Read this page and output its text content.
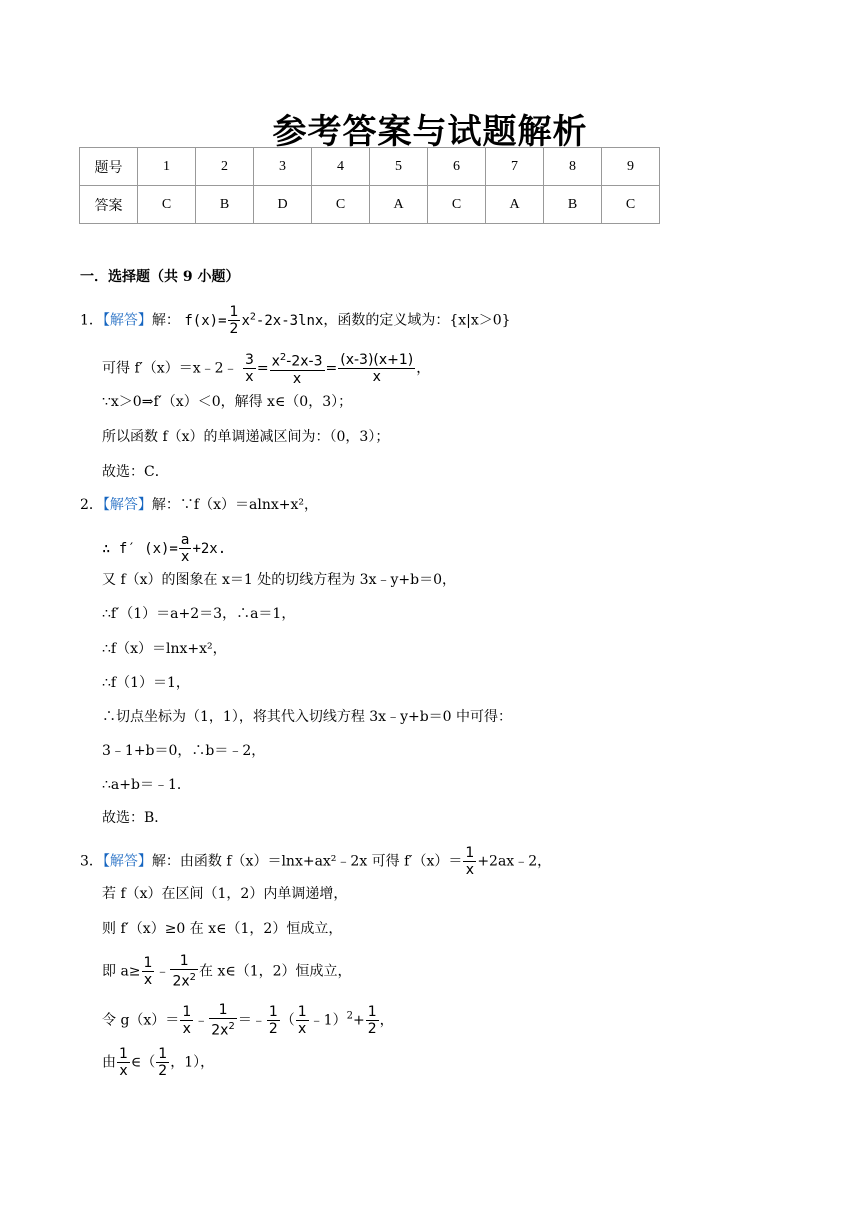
参考答案与试题解析
题号	1	2	3	4	5	6	7	8	9
答案	C	B	D	C	A	C	A	B	C
一．选择题（共 9 小题）
1．【解答】解： $f(x)= \frac{1}{2} x^2-2x-3\ln x$，函数的定义域为：{x|x＞0}
可得 f′（x）＝x﹣2﹣ $\frac{3}{x} = \frac{x^2-2x-3}{x} = \frac{(x-3)(x+1)}{x}$ ，
∵x＞0⇒f′（x）＜0，解得 x∈（0，3）；
所以函数 f（x）的单调递减区间为：（0，3）；
故选：C．
2．【解答】解：∵f（x）＝alnx+x²，
∴ f′ $(x)= \frac{a}{x} +2x$.
又 f（x）的图象在 x＝1 处的切线方程为 3x﹣y+b＝0，
∴f′（1）＝a+2＝3，∴a＝1，
∴f（x）＝lnx+x²，
∴f（1）＝1，
∴切点坐标为（1，1），将其代入切线方程 3x﹣y+b＝0 中可得：
3﹣1+b＝0，∴b＝﹣2，
∴a+b＝﹣1．
故选：B．
3．【解答】解：由函数 f（x）＝lnx+ax²﹣2x 可得 $f'(x)= \frac{1}{x}$ +2ax﹣2，
若 f（x）在区间（1，2）内单调递增，
则 f′（x）≥0 在 x∈（1，2）恒成立，
即 $a\ge \frac{1}{x}$ ﹣ $\frac{1}{2x^2}$ 在 x∈（1，2）恒成立，
令 $g(x)= \frac{1}{x}$ ﹣ $\frac{1}{2x^2}$ ＝﹣ $\frac{1}{2}$ （ $\frac{1}{x}$ ﹣1）$^2$+ $\frac{1}{2}$ ，
由 $\frac{1}{x}$ ∈（ $\frac{1}{2}$ ，1），
